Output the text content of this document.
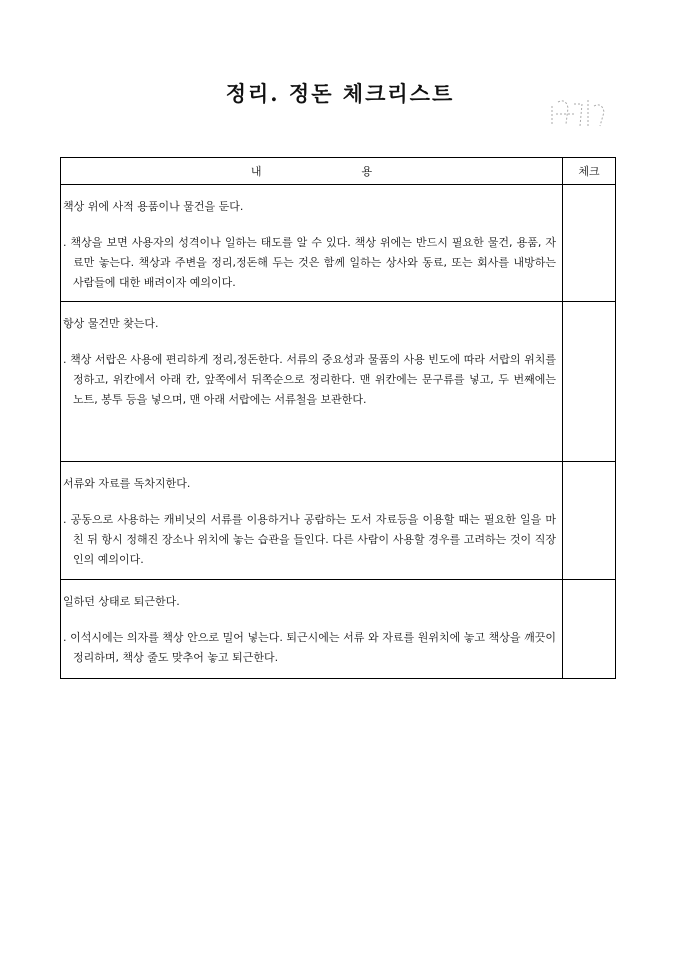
정리. 정돈 체크리스트
내 용	체크

책상 위에 사적 용품이나 물건을 둔다.
. 책상을 보면 사용자의 성격이나 일하는 태도를 알 수 있다. 책상 위에는 반드시 필요한 물건, 용품, 자료만 놓는다. 책상과 주변을 정리,정돈해 두는 것은 함께 일하는 상사와 동료, 또는 회사를 내방하는 사람들에 대한 배려이자 예의이다.	

항상 물건만 찾는다.
. 책상 서랍은 사용에 편리하게 정리,정돈한다. 서류의 중요성과 물품의 사용 빈도에 따라 서랍의 위치를 정하고, 위칸에서 아래 칸, 앞쪽에서 뒤쪽순으로 정리한다. 맨 위칸에는 문구류를 넣고, 두 번째에는 노트, 봉투 등을 넣으며, 맨 아래 서랍에는 서류철을 보관한다.	

서류와 자료를 독차지한다.
. 공동으로 사용하는 캐비닛의 서류를 이용하거나 공람하는 도서 자료등을 이용할 때는 필요한 일을 마친 뒤 항시 정해진 장소나 위치에 놓는 습관을 들인다. 다른 사람이 사용할 경우를 고려하는 것이 직장인의 예의이다.	

일하던 상태로 퇴근한다.
. 이석시에는 의자를 책상 안으로 밀어 넣는다. 퇴근시에는 서류 와 자료를 원위치에 놓고 책상을 깨끗이 정리하며, 책상 줄도 맞추어 놓고 퇴근한다.	
